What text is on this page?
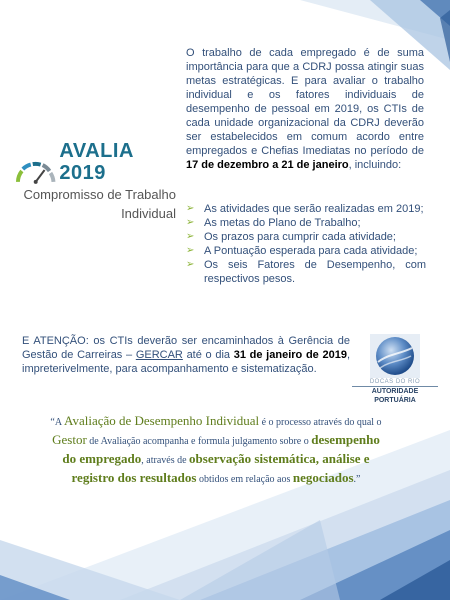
AVALIA 2019
Compromisso de Trabalho
Individual
O trabalho de cada empregado é de suma importância para que a CDRJ possa atingir suas metas estratégicas. E para avaliar o trabalho individual e os fatores individuais de desempenho de pessoal em 2019, os CTIs de cada unidade organizacional da CDRJ deverão ser estabelecidos em comum acordo entre empregados e Chefias Imediatas no período de 17 de dezembro a 21 de janeiro, incluindo:
➢ As atividades que serão realizadas em 2019;
➢ As metas do Plano de Trabalho;
➢ Os prazos para cumprir cada atividade;
➢ A Pontuação esperada para cada atividade;
➢ Os seis Fatores de Desempenho, com respectivos pesos.
E ATENÇÃO: os CTIs deverão ser encaminhados à Gerência de Gestão de Carreiras – GERCAR até o dia 31 de janeiro de 2019, impreterivelmente, para acompanhamento e sistematização.
DOCAS DO RIO
AUTORIDADE PORTUÁRIA
“A Avaliação de Desempenho Individual é o processo através do qual o Gestor de Avaliação acompanha e formula julgamento sobre o desempenho do empregado, através de observação sistemática, análise e registro dos resultados obtidos em relação aos negociados.”
